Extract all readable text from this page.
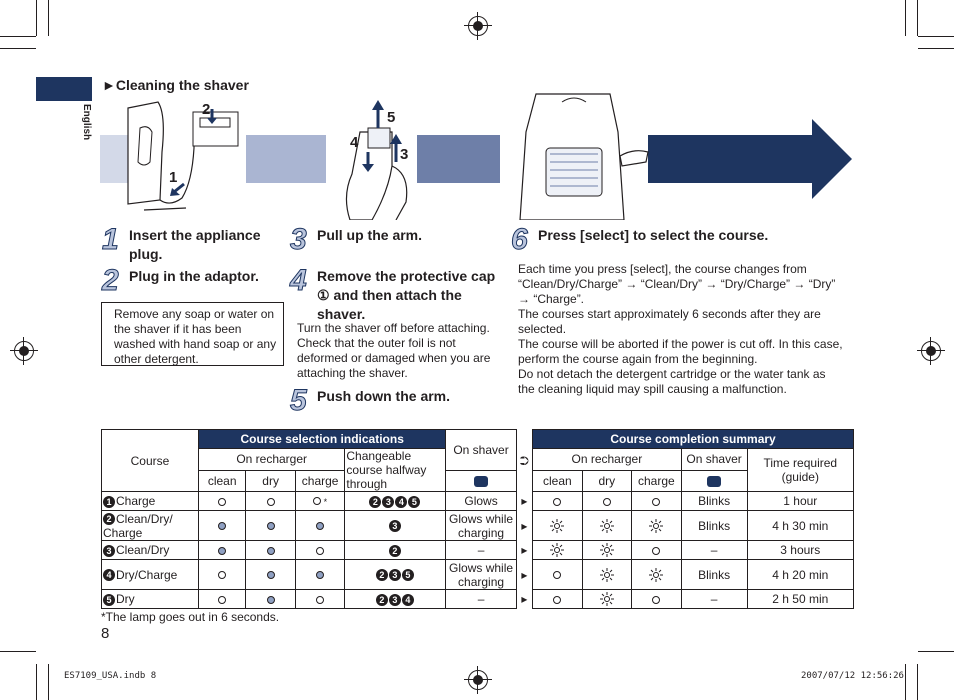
English
►Cleaning the shaver
2
1
5
4
3
1 Insert the appliance plug.
2 Plug in the adaptor.
Remove any soap or water on the shaver if it has been washed with hand soap or any other detergent.
3 Pull up the arm.
4 Remove the protective cap ① and then attach the shaver.
Turn the shaver off before attaching. Check that the outer foil is not deformed or damaged when you are attaching the shaver.
5 Push down the arm.
6 Press [select] to select the course.
Each time you press [select], the course changes from “Clean/Dry/Charge” → “Clean/Dry” → “Dry/Charge” → “Dry” → “Charge”.
The courses start approximately 6 seconds after they are selected.
The course will be aborted if the power is cut off. In this case, perform the course again from the beginning.
Do not detach the detergent cartridge or the water tank as the cleaning liquid may spill causing a malfunction.
Course	Course selection indications				On shaver	⮊	Course completion summary				
	On recharger			Changeable course halfway through			On recharger			On shaver	Time required (guide)
	clean	dry	charge				clean	dry	charge		
1 Charge			*	2 3 4 5	Glows	▸				Blinks	1 hour
2 Clean/Dry/ Charge				3	Glows while charging	▸				Blinks	4 h 30 min
3 Clean/Dry				2	–	▸				–	3 hours
4 Dry/Charge				2 3 5	Glows while charging	▸				Blinks	4 h 20 min
5 Dry				2 3 4	–	▸				–	2 h 50 min
*The lamp goes out in 6 seconds.
8
ES7109_USA.indb 8	2007/07/12 12:56:26
